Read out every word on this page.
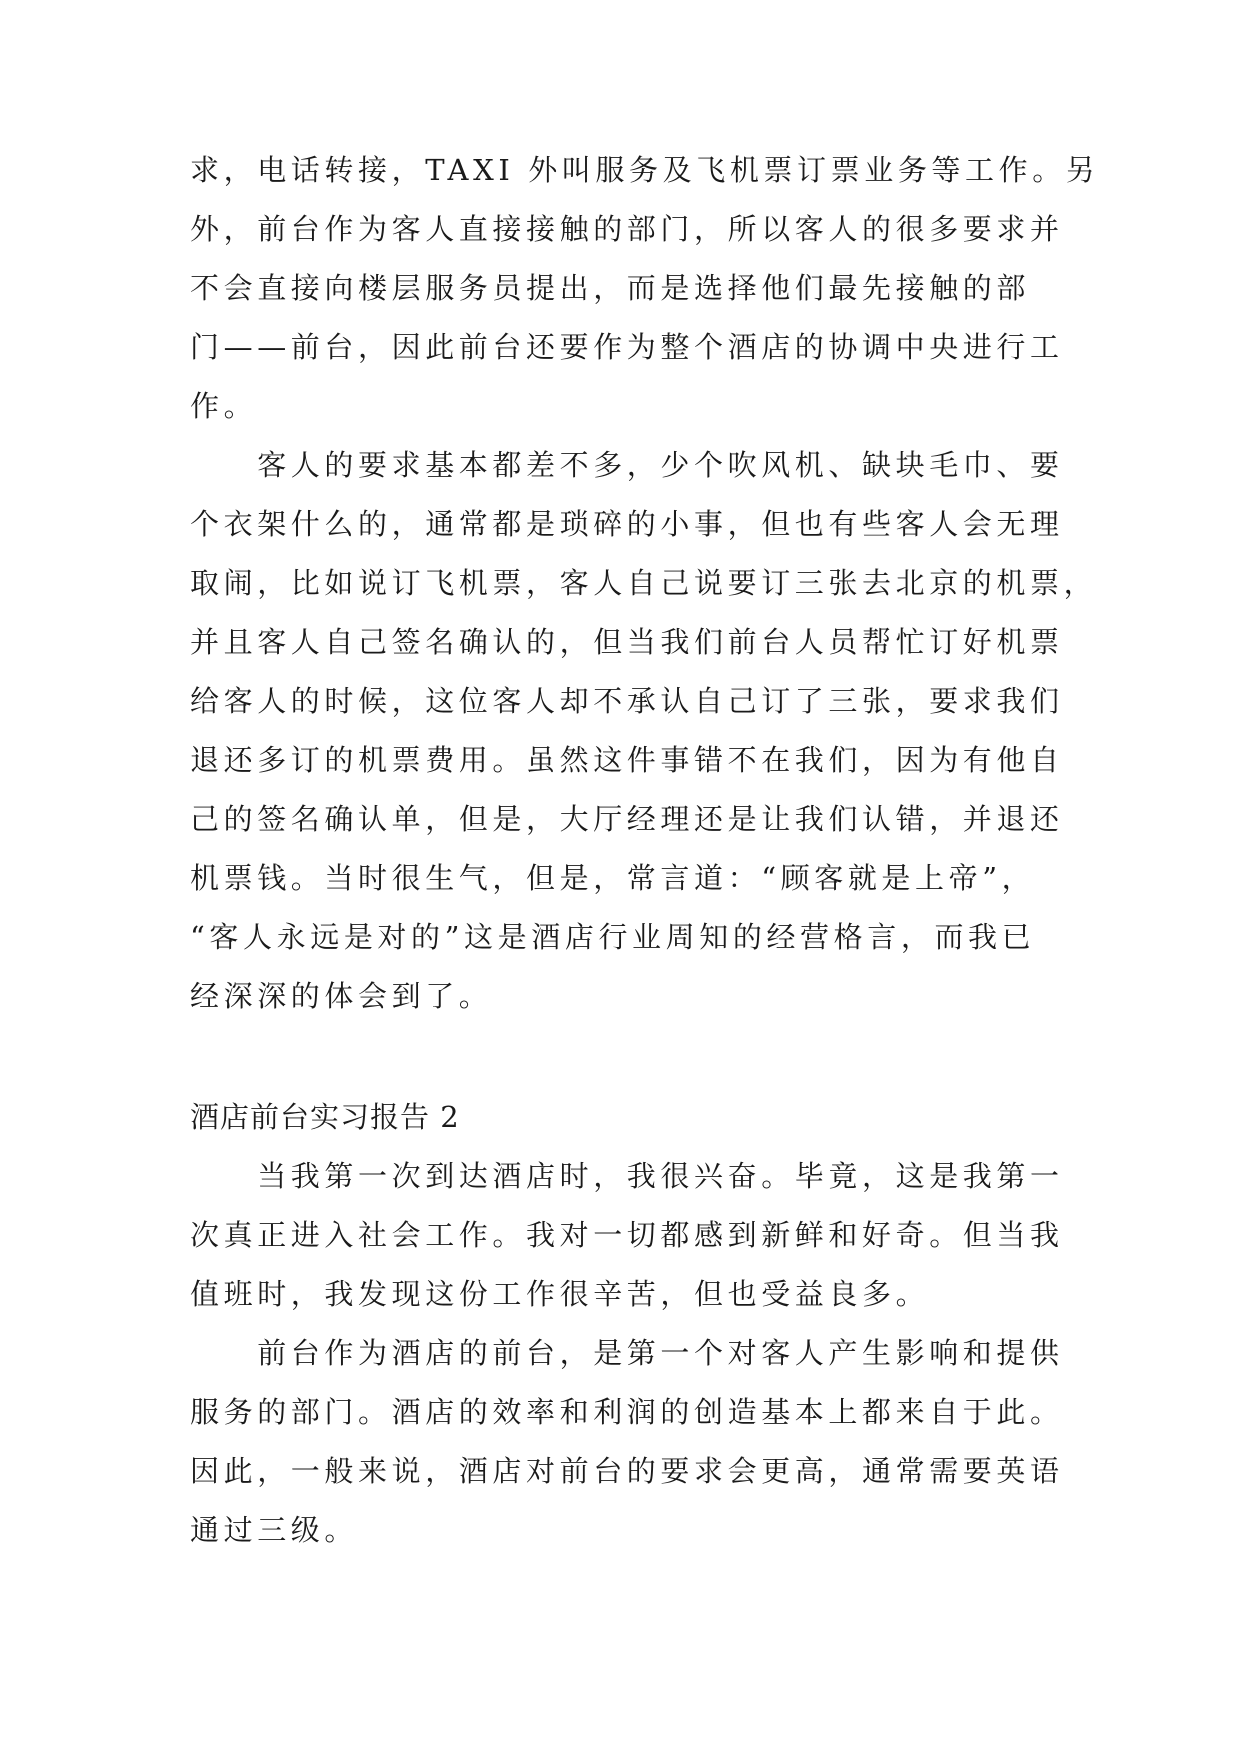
求，电话转接，TAXI 外叫服务及飞机票订票业务等工作。另
外，前台作为客人直接接触的部门，所以客人的很多要求并
不会直接向楼层服务员提出，而是选择他们最先接触的部
门——前台，因此前台还要作为整个酒店的协调中央进行工
作。
　　客人的要求基本都差不多，少个吹风机、缺块毛巾、要
个衣架什么的，通常都是琐碎的小事，但也有些客人会无理
取闹，比如说订飞机票，客人自己说要订三张去北京的机票，
并且客人自己签名确认的，但当我们前台人员帮忙订好机票
给客人的时候，这位客人却不承认自己订了三张，要求我们
退还多订的机票费用。虽然这件事错不在我们，因为有他自
己的签名确认单，但是，大厅经理还是让我们认错，并退还
机票钱。当时很生气，但是，常言道：“顾客就是上帝”，
“客人永远是对的”这是酒店行业周知的经营格言，而我已
经深深的体会到了。
酒店前台实习报告 2
　　当我第一次到达酒店时，我很兴奋。毕竟，这是我第一
次真正进入社会工作。我对一切都感到新鲜和好奇。但当我
值班时，我发现这份工作很辛苦，但也受益良多。
　　前台作为酒店的前台，是第一个对客人产生影响和提供
服务的部门。酒店的效率和利润的创造基本上都来自于此。
因此，一般来说，酒店对前台的要求会更高，通常需要英语
通过三级。
